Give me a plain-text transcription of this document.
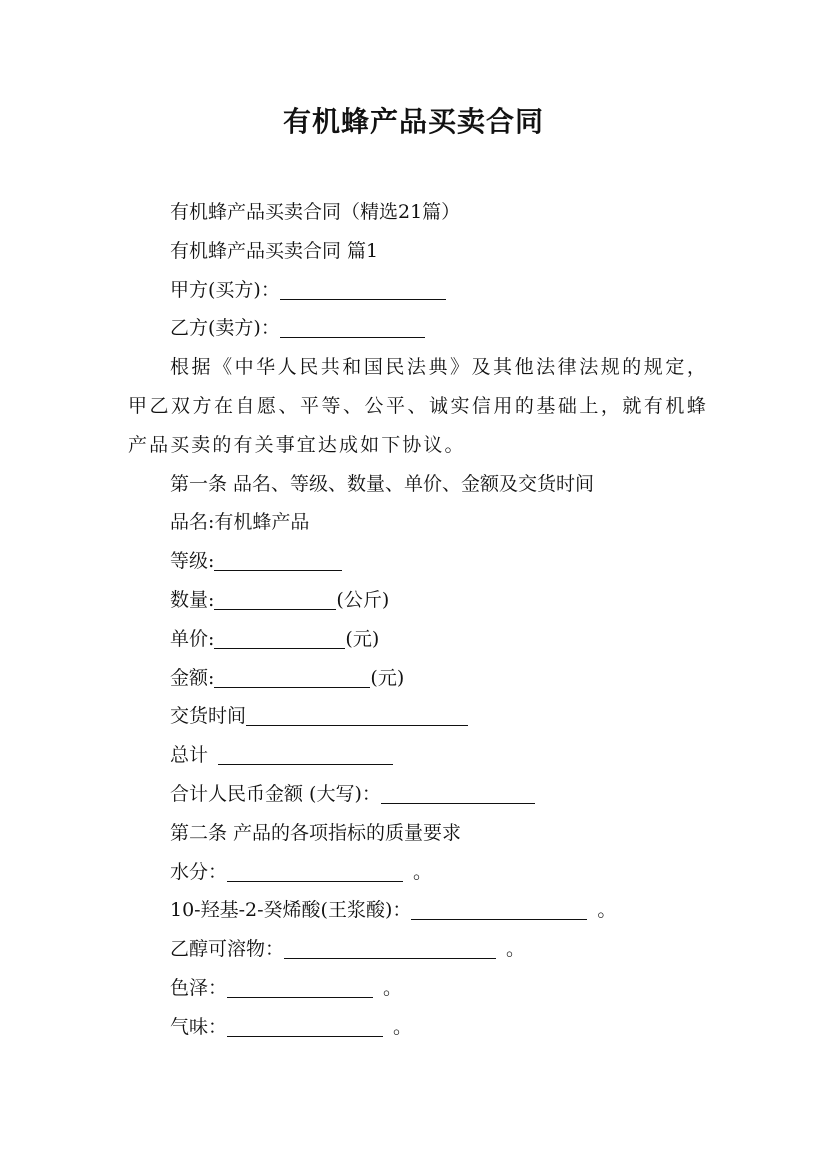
有机蜂产品买卖合同

有机蜂产品买卖合同（精选21篇）

有机蜂产品买卖合同 篇1

甲方(买方)：

乙方(卖方)：

根据《中华人民共和国民法典》及其他法律法规的规定，甲乙双方在自愿、平等、公平、诚实信用的基础上，就有机蜂产品买卖的有关事宜达成如下协议。

第一条 品名、等级、数量、单价、金额及交货时间

品名:有机蜂产品

等级:

数量:	(公斤)

单价:	(元)

金额:	(元)

交货时间

总计

合计人民币金额 (大写)：

第二条 产品的各项指标的质量要求

水分：	。

10-羟基-2-癸烯酸(王浆酸)：	。

乙醇可溶物：	。

色泽：	。

气味：	。
